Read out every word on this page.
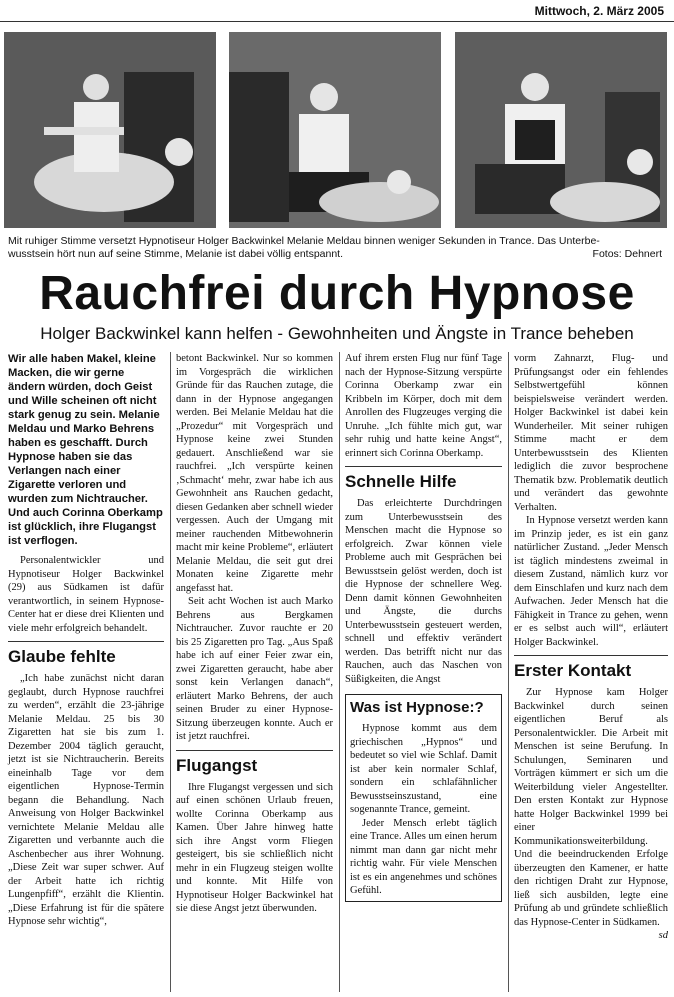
Mittwoch, 2. März 2005
Mit ruhiger Stimme versetzt Hypnotiseur Holger Backwinkel Melanie Meldau binnen weniger Sekunden in Trance. Das Unterbe-
wusstsein hört nun auf seine Stimme, Melanie ist dabei völlig entspannt.	Fotos: Dehnert
Rauchfrei durch Hypnose
Holger Backwinkel kann helfen - Gewohnheiten und Ängste in Trance beheben

Wir alle haben Makel, kleine Macken, die wir gerne ändern würden, doch Geist und Wille scheinen oft nicht stark genug zu sein. Melanie Meldau und Marko Behrens haben es geschafft. Durch Hypnose haben sie das Verlangen nach einer Zigarette verloren und wurden zum Nichtraucher. Und auch Corinna Oberkamp ist glücklich, ihre Flugangst ist verflogen.

Personalentwickler und Hypnotiseur Holger Backwinkel (29) aus Südkamen ist dafür verantwortlich, in seinem Hypnose-Center hat er diese drei Klienten und viele mehr erfolgreich behandelt.

Glaube fehlte

„Ich habe zunächst nicht daran geglaubt, durch Hypnose rauchfrei zu werden“, erzählt die 23-jährige Melanie Meldau. 25 bis 30 Zigaretten hat sie bis zum 1. Dezember 2004 täglich geraucht, jetzt ist sie Nichtraucherin. Bereits eineinhalb Tage vor dem eigentlichen Hypnose-Termin begann die Behandlung. Nach Anweisung von Holger Backwinkel vernichtete Melanie Meldau alle Zigaretten und verbannte auch die Aschenbecher aus ihrer Wohnung. „Diese Zeit war super schwer. Auf der Arbeit hatte ich richtig Lungenpfiff“, erzählt die Klientin. „Diese Erfahrung ist für die spätere Hypnose sehr wichtig“,

betont Backwinkel. Nur so kommen im Vorgespräch die wirklichen Gründe für das Rauchen zutage, die dann in der Hypnose angegangen werden. Bei Melanie Meldau hat die „Prozedur“ mit Vorgespräch und Hypnose keine zwei Stunden gedauert. Anschließend war sie rauchfrei. „Ich verspürte keinen ‚Schmacht‘ mehr, zwar habe ich aus Gewohnheit ans Rauchen gedacht, diesen Gedanken aber schnell wieder vergessen. Auch der Umgang mit meiner rauchenden Mitbewohnerin macht mir keine Probleme“, erläutert Melanie Meldau, die seit gut drei Monaten keine Zigarette mehr angefasst hat.

Seit acht Wochen ist auch Marko Behrens aus Bergkamen Nichtraucher. Zuvor rauchte er 20 bis 25 Zigaretten pro Tag. „Aus Spaß habe ich auf einer Feier zwar ein, zwei Zigaretten geraucht, habe aber sonst kein Verlangen danach“, erläutert Marko Behrens, der auch seinen Bruder zu einer Hypnose-Sitzung überzeugen konnte. Auch er ist jetzt rauchfrei.

Flugangst

Ihre Flugangst vergessen und sich auf einen schönen Urlaub freuen, wollte Corinna Oberkamp aus Kamen. Über Jahre hinweg hatte sich ihre Angst vorm Fliegen gesteigert, bis sie schließlich nicht mehr in ein Flugzeug steigen wollte und konnte. Mit Hilfe von Hypnotiseur Holger Backwinkel hat sie diese Angst jetzt überwunden.

Auf ihrem ersten Flug nur fünf Tage nach der Hypnose-Sitzung verspürte Corinna Oberkamp zwar ein Kribbeln im Körper, doch mit dem Anrollen des Flugzeuges verging die Unruhe. „Ich fühlte mich gut, war sehr ruhig und hatte keine Angst“, erinnert sich Corinna Oberkamp.

Schnelle Hilfe

Das erleichterte Durchdringen zum Unterbewusstsein des Menschen macht die Hypnose so erfolgreich. Zwar können viele Probleme auch mit Gesprächen bei Bewusstsein gelöst werden, doch ist die Hypnose der schnellere Weg. Denn damit können Gewohnheiten und Ängste, die durchs Unterbewusstsein gesteuert werden, schnell und effektiv verändert werden. Das betrifft nicht nur das Rauchen, auch das Naschen von Süßigkeiten, die Angst

Was ist Hypnose:?

Hypnose kommt aus dem griechischen „Hypnos“ und bedeutet so viel wie Schlaf. Damit ist aber kein normaler Schlaf, sondern ein schlafähnlicher Bewusstseinszustand, eine sogenannte Trance, gemeint.

Jeder Mensch erlebt täglich eine Trance. Alles um einen herum nimmt man dann gar nicht mehr richtig wahr. Für viele Menschen ist es ein angenehmes und schönes Gefühl.

vorm Zahnarzt, Flug- und Prüfungsangst oder ein fehlendes Selbstwertgefühl können beispielsweise verändert werden. Holger Backwinkel ist dabei kein Wunderheiler. Mit seiner ruhigen Stimme macht er dem Unterbewusstsein des Klienten lediglich die zuvor besprochene Thematik bzw. Problematik deutlich und verändert das gewohnte Verhalten.

In Hypnose versetzt werden kann im Prinzip jeder, es ist ein ganz natürlicher Zustand. „Jeder Mensch ist täglich mindestens zweimal in diesem Zustand, nämlich kurz vor dem Einschlafen und kurz nach dem Aufwachen. Jeder Mensch hat die Fähigkeit in Trance zu gehen, wenn er es selbst auch will“, erläutert Holger Backwinkel.

Erster Kontakt

Zur Hypnose kam Holger Backwinkel durch seinen eigentlichen Beruf als Personalentwickler. Die Arbeit mit Menschen ist seine Berufung. In Schulungen, Seminaren und Vorträgen kümmert er sich um die Weiterbildung vieler Angestellter. Den ersten Kontakt zur Hypnose hatte Holger Backwinkel 1999 bei einer Kommunikationsweiterbildung. Und die beeindruckenden Erfolge überzeugten den Kamener, er hatte den richtigen Draht zur Hypnose, ließ sich ausbilden, legte eine Prüfung ab und gründete schließlich das Hypnose-Center in Südkamen.

sd
